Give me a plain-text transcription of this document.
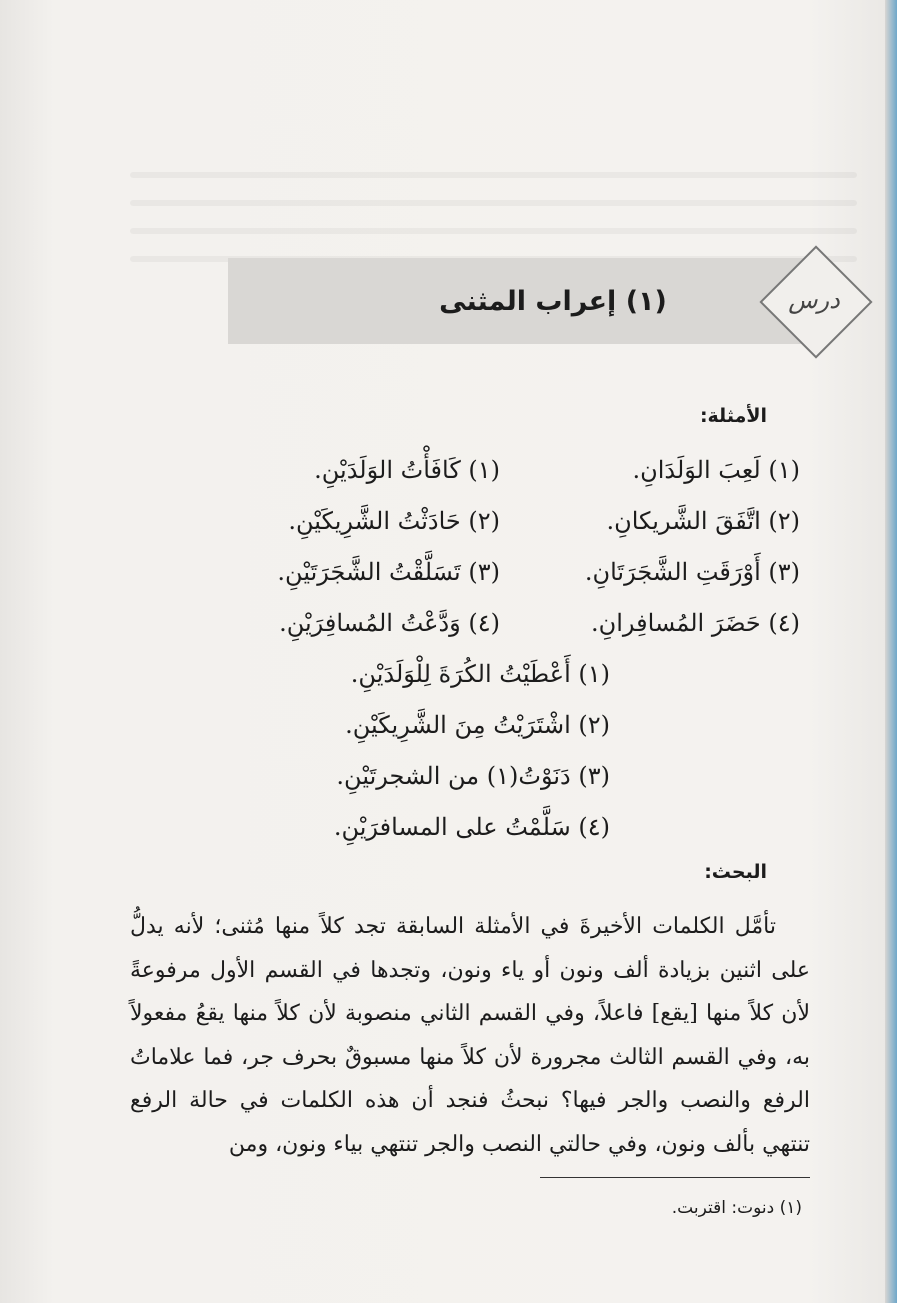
(١) إعراب المثنى	درس
الأمثلة:
(١) لَعِبَ الوَلَدَانِ.
(٢) اتَّفَقَ الشَّريكانِ.
(٣) أَوْرَقَتِ الشَّجَرَتَانِ.
(٤) حَضَرَ المُسافِرانِ.
(١) كَافَأْتُ الوَلَدَيْنِ.
(٢) حَادَثْتُ الشَّرِيكَيْنِ.
(٣) تَسَلَّقْتُ الشَّجَرَتَيْنِ.
(٤) وَدَّعْتُ المُسافِرَيْنِ.
(١) أَعْطَيْتُ الكُرَةَ لِلْوَلَدَيْنِ.
(٢) اشْتَرَيْتُ مِنَ الشَّرِيكَيْنِ.
(٣) دَنَوْتُ(١) من الشجرتَيْنِ.
(٤) سَلَّمْتُ على المسافرَيْنِ.
البحث:

تأمَّل الكلمات الأخيرةَ في الأمثلة السابقة تجد كلاً منها مُثنى؛ لأنه يدلُّ على اثنين بزيادة ألف ونون أو ياء ونون، وتجدها في القسم الأول مرفوعةً لأن كلاً منها [يقع] فاعلاً، وفي القسم الثاني منصوبة لأن كلاً منها يقعُ مفعولاً به، وفي القسم الثالث مجرورة لأن كلاً منها مسبوقٌ بحرف جر، فما علاماتُ الرفع والنصب والجر فيها؟ نبحثُ فنجد أن هذه الكلمات في حالة الرفع تنتهي بألف ونون، وفي حالتي النصب والجر تنتهي بياء ونون، ومن

(١) دنوت: اقتربت.
